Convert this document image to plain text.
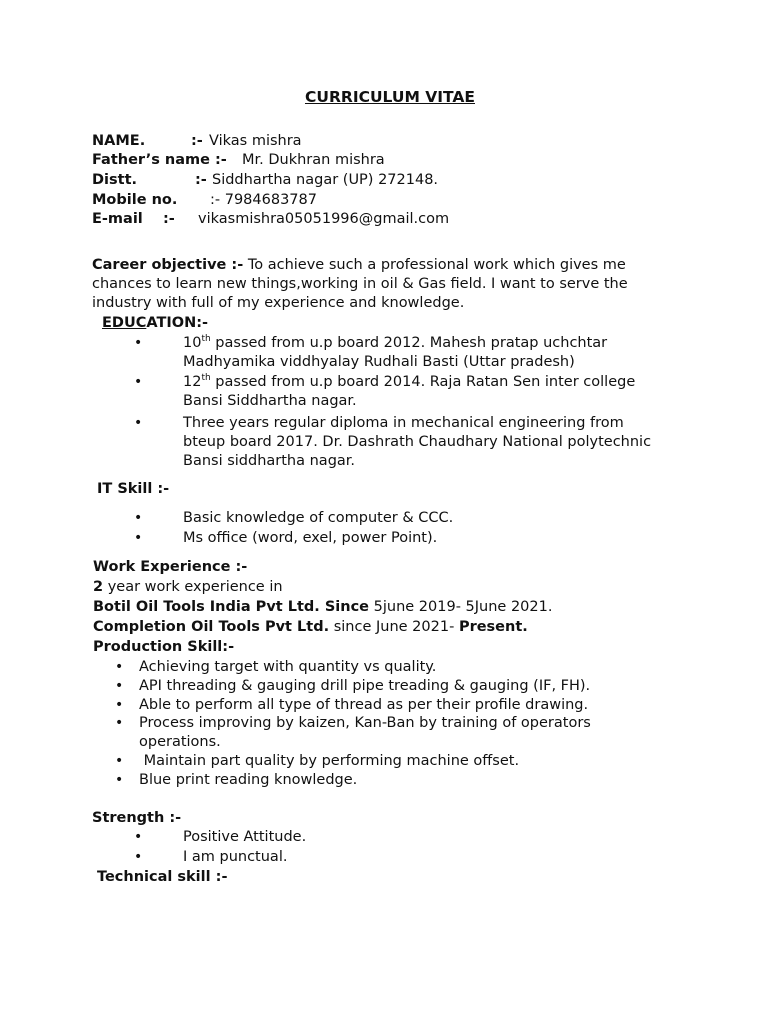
CURRICULUM VITAE
NAME.	:- Vikas mishra
Father’s name :- Mr. Dukhran mishra
Distt.	:- Siddhartha nagar (UP) 272148.
Mobile no. :- 7984683787
E-mail :- vikasmishra05051996@gmail.com
Career objective :- To achieve such a professional work which gives me
chances to learn new things,working in oil & Gas field. I want to serve the
industry with full of my experience and knowledge.
EDUCATION:-
•	10th passed from u.p board 2012. Mahesh pratap uchchtar
Madhyamika viddhyalay Rudhali Basti (Uttar pradesh)
•	12th passed from u.p board 2014. Raja Ratan Sen inter college
Bansi Siddhartha nagar.
•	Three years regular diploma in mechanical engineering from
bteup board 2017. Dr. Dashrath Chaudhary National polytechnic
Bansi siddhartha nagar.
IT Skill :-
•	Basic knowledge of computer & CCC.
•	Ms office (word, exel, power Point).
Work Experience :-
2 year work experience in
Botil Oil Tools India Pvt Ltd. Since 5june 2019- 5June 2021.
Completion Oil Tools Pvt Ltd. since June 2021- Present.
Production Skill:-
• Achieving target with quantity vs quality.
• API threading & gauging drill pipe treading & gauging (IF, FH).
• Able to perform all type of thread as per their profile drawing.
• Process improving by kaizen, Kan-Ban by training of operators
operations.
• Maintain part quality by performing machine offset.
• Blue print reading knowledge.
Strength :-
•	Positive Attitude.
•	I am punctual.
Technical skill :-
